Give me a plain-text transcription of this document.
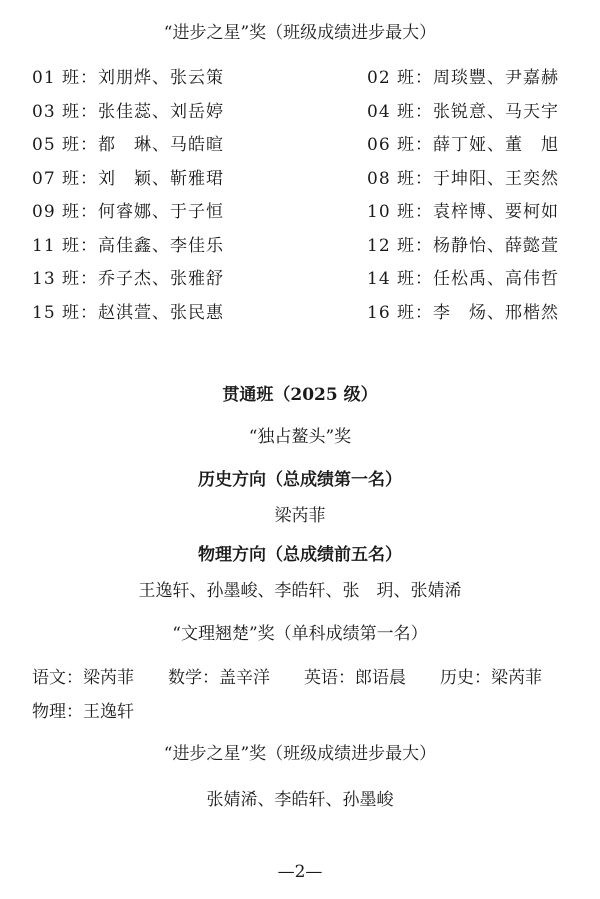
“进步之星”奖（班级成绩进步最大）
01 班：刘朋烨、张云策	02 班：周琰豐、尹嘉赫
03 班：张佳蕊、刘岳婷	04 班：张锐意、马天宇
05 班：都　琳、马皓暄	06 班：薛丁娅、董　旭
07 班：刘　颖、靳雅珺	08 班：于坤阳、王奕然
09 班：何睿娜、于子恒	10 班：袁梓博、要柯如
11 班：高佳鑫、李佳乐	12 班：杨静怡、薛懿萱
13 班：乔子杰、张雅舒	14 班：任松禹、高伟哲
15 班：赵淇萱、张民惠	16 班：李　炀、邢楷然
贯通班（2025 级）
“独占鳌头”奖
历史方向（总成绩第一名）
梁芮菲
物理方向（总成绩前五名）
王逸轩、孙墨峻、李皓轩、张　玥、张婧浠
“文理翘楚”奖（单科成绩第一名）
语文：梁芮菲　　数学：盖辛洋　　英语：郎语晨　　历史：梁芮菲
物理：王逸轩
“进步之星”奖（班级成绩进步最大）
张婧浠、李皓轩、孙墨峻
—2—
